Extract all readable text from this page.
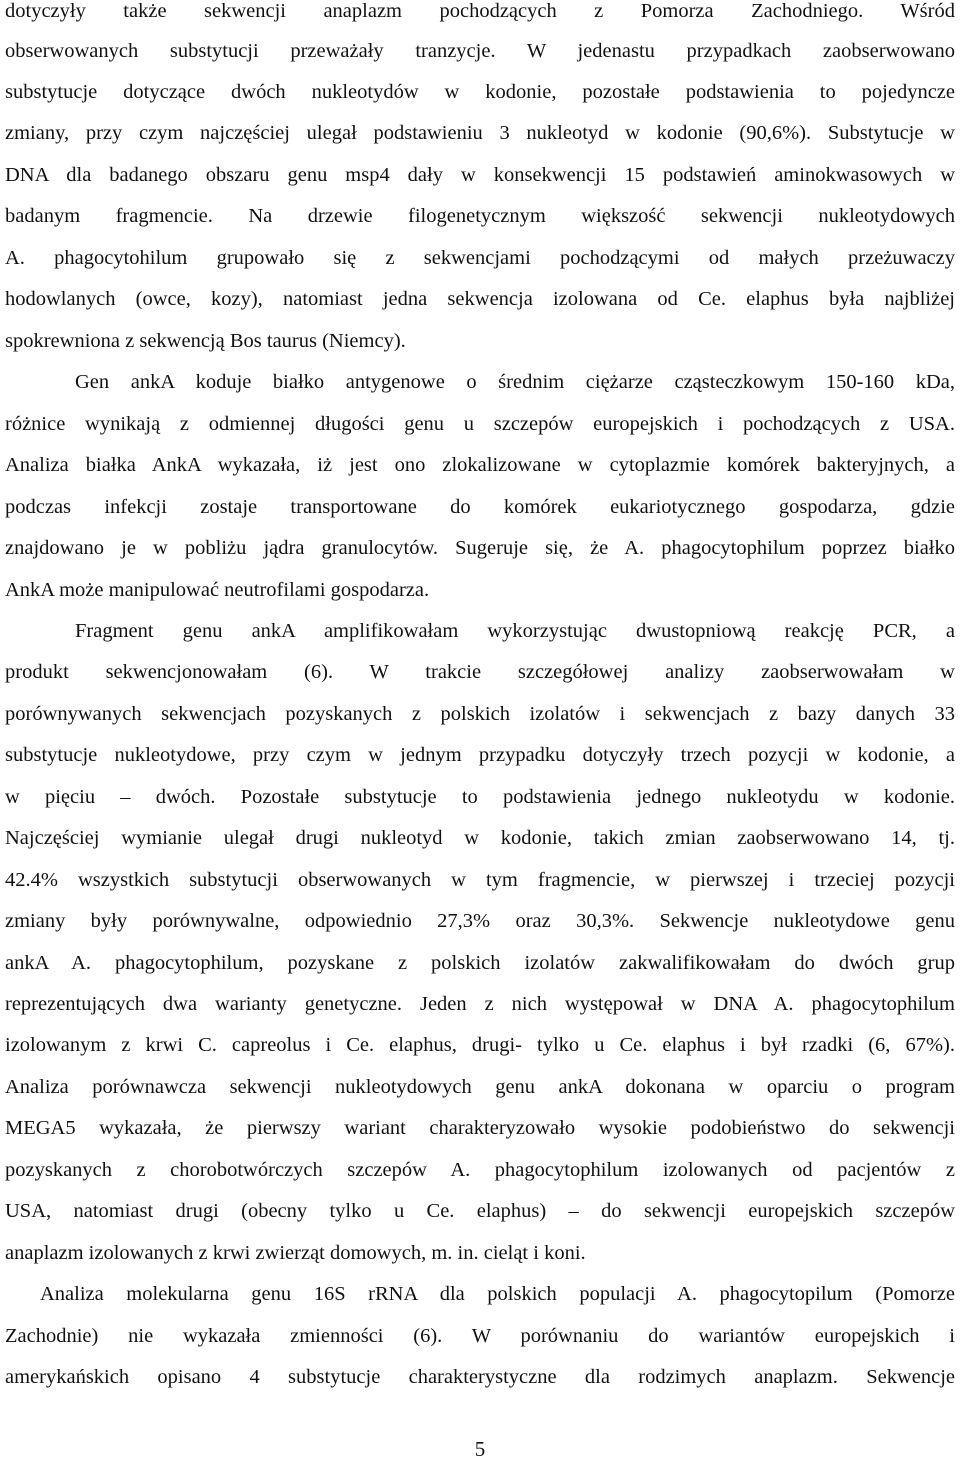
dotyczyły także sekwencji anaplazm pochodzących z Pomorza Zachodniego. Wśród
obserwowanych substytucji przeważały tranzycje. W jedenastu przypadkach zaobserwowano
substytucje dotyczące dwóch nukleotydów w kodonie, pozostałe podstawienia to pojedyncze
zmiany, przy czym najczęściej ulegał podstawieniu 3 nukleotyd w kodonie (90,6%). Substytucje w
DNA dla badanego obszaru genu msp4 dały w konsekwencji 15 podstawień aminokwasowych w
badanym fragmencie. Na drzewie filogenetycznym większość sekwencji nukleotydowych
A. phagocytohilum grupowało się z sekwencjami pochodzącymi od małych przeżuwaczy
hodowlanych (owce, kozy), natomiast jedna sekwencja izolowana od Ce. elaphus była najbliżej
spokrewniona z sekwencją Bos taurus (Niemcy).
Gen ankA koduje białko antygenowe o średnim ciężarze cząsteczkowym 150-160 kDa,
różnice wynikają z odmiennej długości genu u szczepów europejskich i pochodzących z USA.
Analiza białka AnkA wykazała, iż jest ono zlokalizowane w cytoplazmie komórek bakteryjnych, a
podczas infekcji zostaje transportowane do komórek eukariotycznego gospodarza, gdzie
znajdowano je w pobliżu jądra granulocytów. Sugeruje się, że A. phagocytophilum poprzez białko
AnkA może manipulować neutrofilami gospodarza.
Fragment genu ankA amplifikowałam wykorzystując dwustopniową reakcję PCR, a
produkt sekwencjonowałam (6). W trakcie szczegółowej analizy zaobserwowałam w
porównywanych sekwencjach pozyskanych z polskich izolatów i sekwencjach z bazy danych 33
substytucje nukleotydowe, przy czym w jednym przypadku dotyczyły trzech pozycji w kodonie, a
w pięciu – dwóch. Pozostałe substytucje to podstawienia jednego nukleotydu w kodonie.
Najczęściej wymianie ulegał drugi nukleotyd w kodonie, takich zmian zaobserwowano 14, tj.
42.4% wszystkich substytucji obserwowanych w tym fragmencie, w pierwszej i trzeciej pozycji
zmiany były porównywalne, odpowiednio 27,3% oraz 30,3%. Sekwencje nukleotydowe genu
ankA A. phagocytophilum, pozyskane z polskich izolatów zakwalifikowałam do dwóch grup
reprezentujących dwa warianty genetyczne. Jeden z nich występował w DNA A. phagocytophilum
izolowanym z krwi C. capreolus i Ce. elaphus, drugi- tylko u Ce. elaphus i był rzadki (6, 67%).
Analiza porównawcza sekwencji nukleotydowych genu ankA dokonana w oparciu o program
MEGA5 wykazała, że pierwszy wariant charakteryzowało wysokie podobieństwo do sekwencji
pozyskanych z chorobotwórczych szczepów A. phagocytophilum izolowanych od pacjentów z
USA, natomiast drugi (obecny tylko u Ce. elaphus) – do sekwencji europejskich szczepów
anaplazm izolowanych z krwi zwierząt domowych, m. in. cieląt i koni.
Analiza molekularna genu 16S rRNA dla polskich populacji A. phagocytopilum (Pomorze
Zachodnie) nie wykazała zmienności (6). W porównaniu do wariantów europejskich i
amerykańskich opisano 4 substytucje charakterystyczne dla rodzimych anaplazm. Sekwencje
5
